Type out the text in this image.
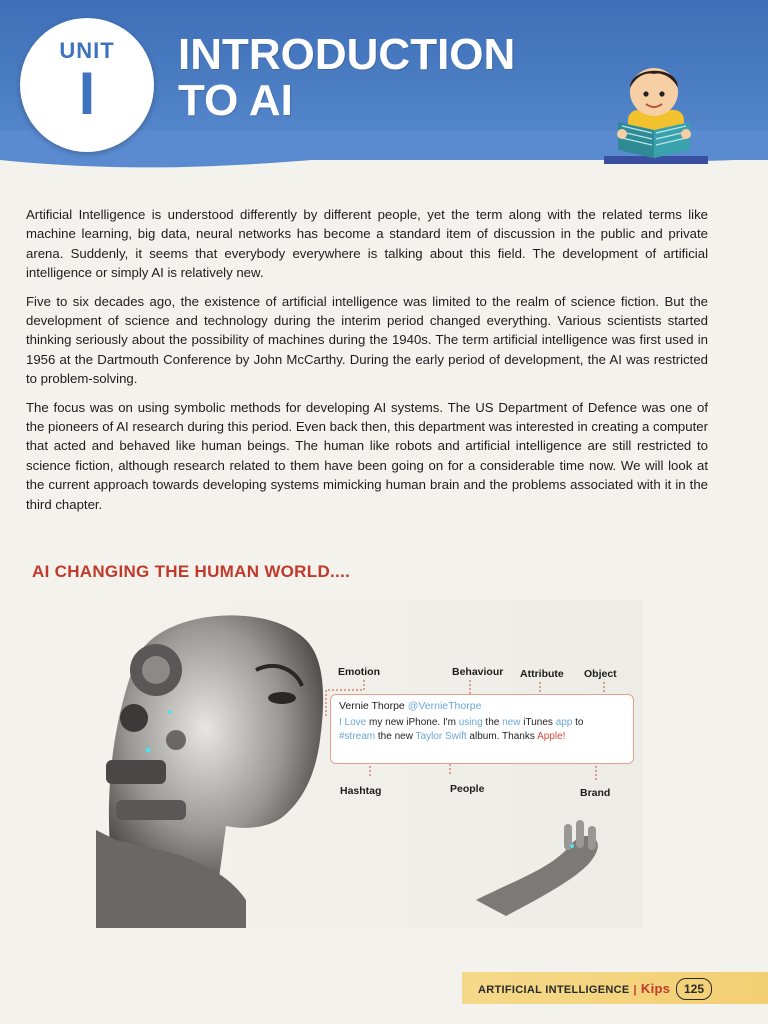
UNIT
I
INTRODUCTION
TO AI

Artificial Intelligence is understood differently by different people, yet the term along with the related terms like machine learning, big data, neural networks has become a standard item of discussion in the public and private arena. Suddenly, it seems that everybody everywhere is talking about this field. The development of artificial intelligence or simply AI is relatively new.

Five to six decades ago, the existence of artificial intelligence was limited to the realm of science fiction. But the development of science and technology during the interim period changed everything. Various scientists started thinking seriously about the possibility of machines during the 1940s. The term artificial intelligence was first used in 1956 at the Dartmouth Conference by John McCarthy. During the early period of development, the AI was restricted to problem-solving.

The focus was on using symbolic methods for developing AI systems. The US Department of Defence was one of the pioneers of AI research during this period. Even back then, this department was interested in creating a computer that acted and behaved like human beings. The human like robots and artificial intelligence are still restricted to science fiction, although research related to them have been going on for a considerable time now. We will look at the current approach towards developing systems mimicking human brain and the problems associated with it in the third chapter.

AI CHANGING THE HUMAN WORLD....
Emotion	Behaviour Attribute Object
Hashtag	People	Brand
Vernie Thorpe @VernieThorpe
I Love my new iPhone. I'm using the new iTunes app to
#stream the new Taylor Swift album. Thanks Apple!
ARTIFICIAL INTELLIGENCE | Kips	125
